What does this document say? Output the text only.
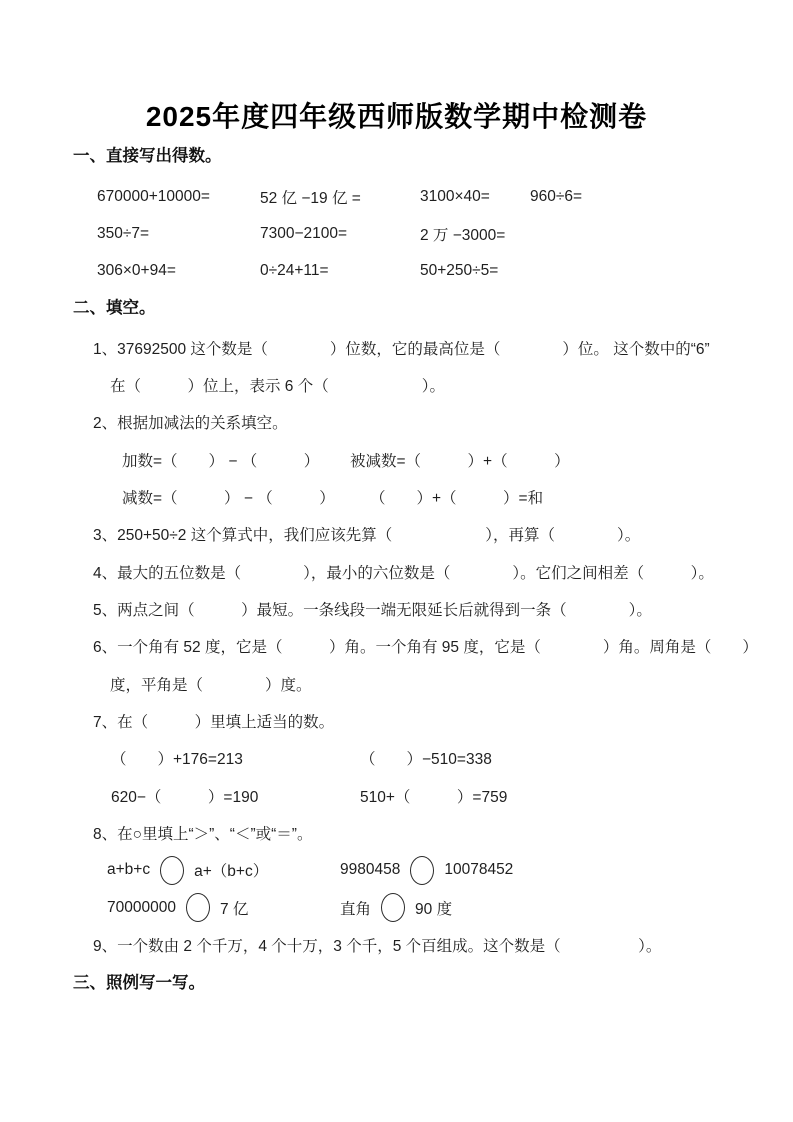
2025年度四年级西师版数学期中检测卷
一、直接写出得数。
670000+10000=	52 亿 −19 亿 =	3100×40=	960÷6=
350÷7=	7300−2100=	2 万 −3000=
306×0+94=	0÷24+11=	50+250÷5=
二、填空。
1、37692500 这个数是（　　　　）位数，它的最高位是（　　　　）位。 这个数中的“6”
在（　　　）位上，表示 6 个（　　　　　　）。
2、根据加减法的关系填空。
加数=（　　） − （　　　）	被减数=（　　　）+（　　　）
减数=（　　　） − （　　　）	（　　）+（　　　）=和
3、250+50÷2 这个算式中，我们应该先算（　　　　　　），再算（　　　　）。
4、最大的五位数是（　　　　），最小的六位数是（　　　　）。它们之间相差（　　　）。
5、两点之间（　　　）最短。一条线段一端无限延长后就得到一条（　　　　）。
6、一个角有 52 度，它是（　　　）角。一个角有 95 度，它是（　　　　）角。周角是（　　）
度，平角是（　　　　）度。
7、在（　　　）里填上适当的数。
（　　）+176=213	（　　）−510=338
620−（　　　）=190	510+（　　　）=759
8、在○里填上“＞”、“＜”或“＝”。
a+b+c	a+（b+c）	9980458	10078452
70000000	7 亿	直角	90 度
9、一个数由 2 个千万，4 个十万，3 个千，5 个百组成。这个数是（　　　　　）。
三、照例写一写。
